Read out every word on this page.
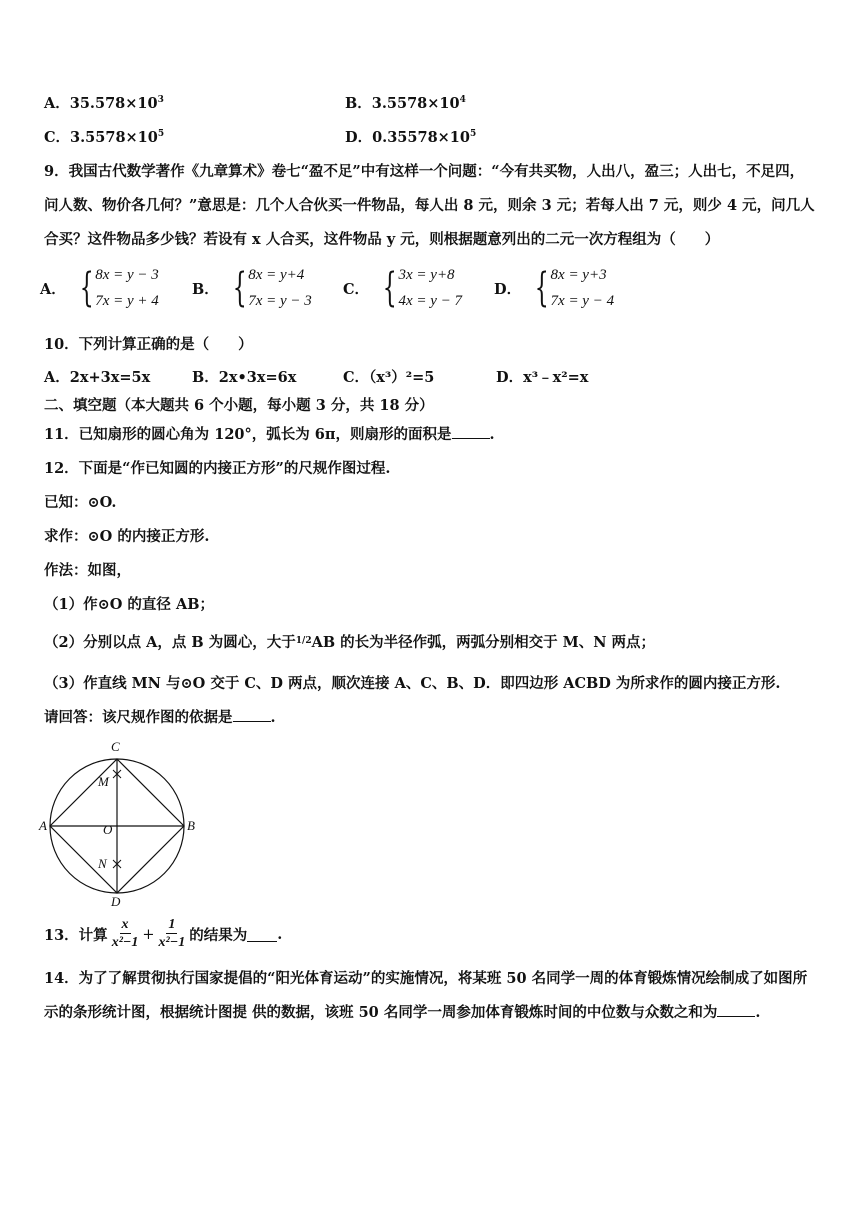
A．$35.578\times 10^3$	B．$3.5578\times 10^4$
C．$3.5578\times 10^5$	D．$0.35578\times 10^5$
9．我国古代数学著作《九章算术》卷七“盈不足”中有这样一个问题：“今有共买物，人出八，盈三；人出七，不足四，
问人数、物价各几何？”意思是：几个人合伙买一件物品，每人出 8 元，则余 3 元；若每人出 7 元，则少 4 元，问几人
合买？这件物品多少钱？若设有 x 人合买，这件物品 y 元，则根据题意列出的二元一次方程组为（　　）
A． { 8x = y − 3
7x = y + 4
B． { 8x = y+4
7x = y − 3
C． { 3x = y+8
4x = y − 7
D． { 8x = y+3
7x = y − 4
10．下列计算正确的是（　　）
A．2x+3x=5x	B．2x•3x=6x	C．（x³）²=5	D．x³﹣x²=x
二、填空题（本大题共 6 个小题，每小题 3 分，共 18 分）
11．已知扇形的圆心角为 120°，弧长为 6π，则扇形的面积是	.
12．下面是“作已知圆的内接正方形”的尺规作图过程.
已知：⊙O.
求作：⊙O 的内接正方形.
作法：如图，
（1）作⊙O 的直径 AB；
（2）分别以点 A，点 B 为圆心，大于1/2AB 的长为半径作弧，两弧分别相交于 M、N 两点；
（3）作直线 MN 与⊙O 交于 C、D 两点，顺次连接 A、C、B、D．即四边形 ACBD 为所求作的圆内接正方形.
请回答：该尺规作图的依据是	.
C
M
A	O	B
N
D
13．计算 $\frac{x}{\text{x²−1}} + \frac{1}{\text{x²−1}}$ 的结果为 .
14．为了了解贯彻执行国家提倡的“阳光体育运动”的实施情况，将某班 50 名同学一周的体育锻炼情况绘制成了如图所
示的条形统计图，根据统计图提 供的数据，该班 50 名同学一周参加体育锻炼时间的中位数与众数之和为	.
